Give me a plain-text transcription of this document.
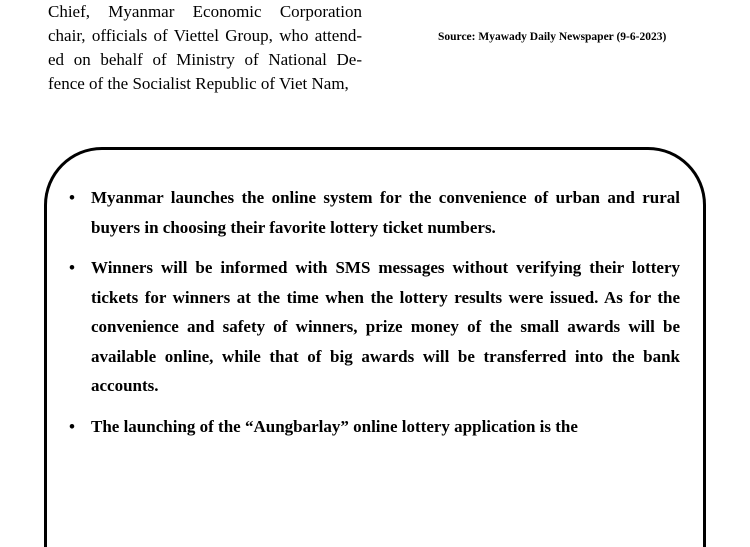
Chief, Myanmar Economic Corporation
chair, officials of Viettel Group, who attend-
ed on behalf of Ministry of National De-
fence of the Socialist Republic of Viet Nam,
Source: Myawady Daily Newspaper (9-6-2023)
• Myanmar launches the online system for the convenience of urban and rural buyers in choosing their favorite lottery ticket numbers.
• Winners will be informed with SMS messages without verifying their lottery tickets for winners at the time when the lottery results were issued. As for the convenience and safety of winners, prize money of the small awards will be available online, while that of big awards will be transferred into the bank accounts.
• The launching of the “Aungbarlay” online lottery application is the
